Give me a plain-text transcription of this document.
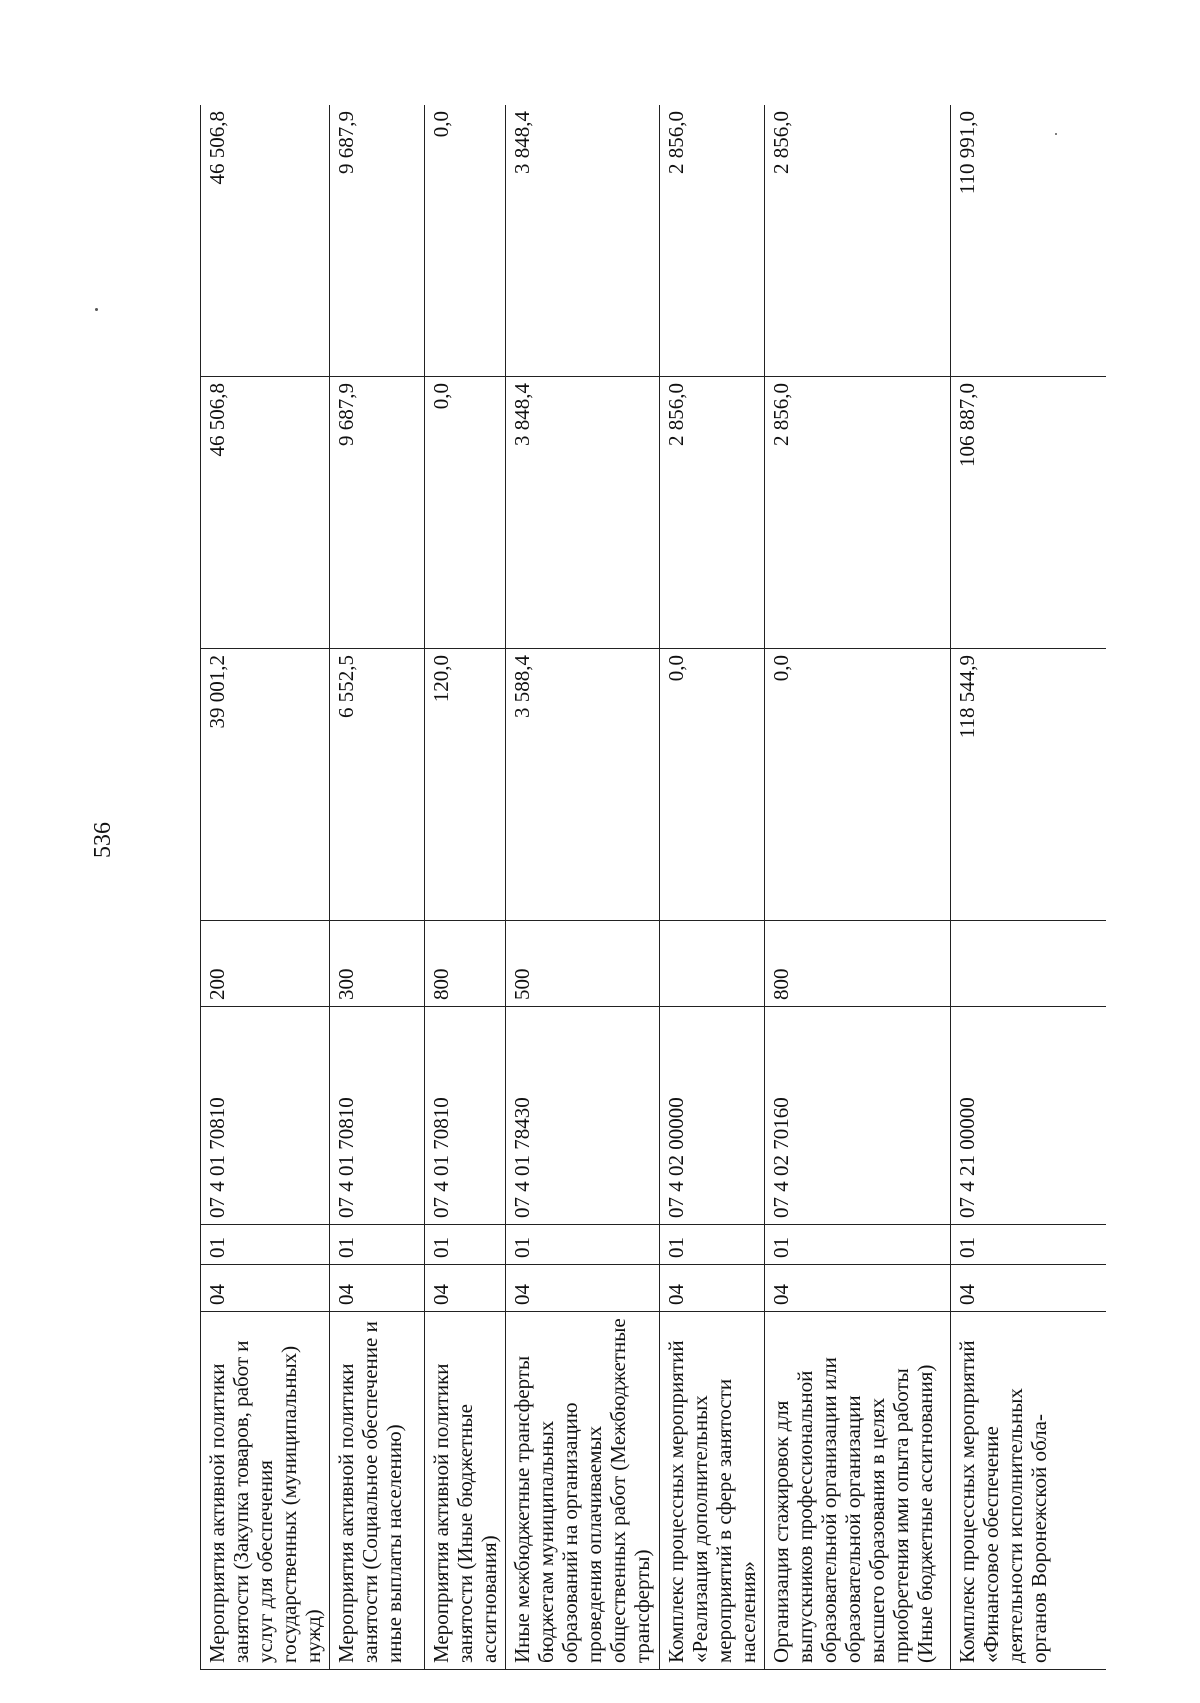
536
Мероприятия активной политики занятости (Закупка товаров, работ и услуг для обеспечения государственных (муниципальных) нужд)	04	01	07 4 01 70810	200	39 001,2	46 506,8	46 506,8
Мероприятия активной политики занятости (Социальное обеспечение и иные выплаты населению)	04	01	07 4 01 70810	300	6 552,5	9 687,9	9 687,9
Мероприятия активной политики занятости (Иные бюджетные ассигнования)	04	01	07 4 01 70810	800	120,0	0,0	0,0
Иные межбюджетные трансферты бюджетам муниципальных образований на организацию проведения оплачиваемых общественных работ (Межбюджетные трансферты)	04	01	07 4 01 78430	500	3 588,4	3 848,4	3 848,4
Комплекс процессных мероприятий «Реализация дополнительных мероприятий в сфере занятости населения»	04	01	07 4 02 00000		0,0	2 856,0	2 856,0
Организация стажировок для выпускников профессиональной образовательной организации или образовательной организации высшего образования в целях приобретения ими опыта работы (Иные бюджетные ассигнования)	04	01	07 4 02 70160	800	0,0	2 856,0	2 856,0
Комплекс процессных мероприятий «Финансовое обеспечение деятельности исполнительных органов Воронежской обла-	04	01	07 4 21 00000		118 544,9	106 887,0	110 991,0
